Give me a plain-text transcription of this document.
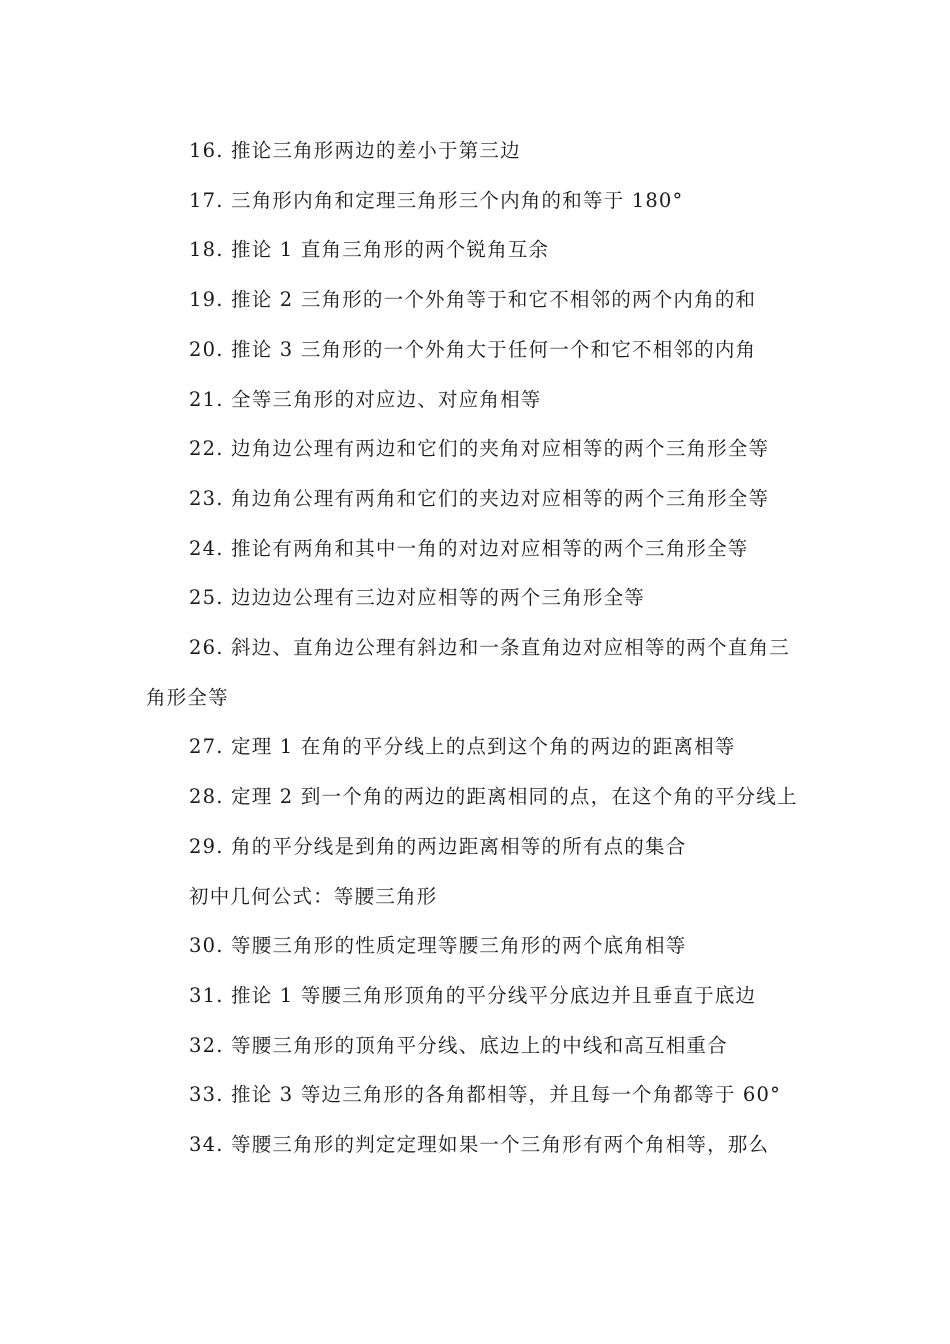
16. 推论三角形两边的差小于第三边

17. 三角形内角和定理三角形三个内角的和等于 180°

18. 推论 1 直角三角形的两个锐角互余

19. 推论 2 三角形的一个外角等于和它不相邻的两个内角的和

20. 推论 3 三角形的一个外角大于任何一个和它不相邻的内角

21. 全等三角形的对应边、对应角相等

22. 边角边公理有两边和它们的夹角对应相等的两个三角形全等

23. 角边角公理有两角和它们的夹边对应相等的两个三角形全等

24. 推论有两角和其中一角的对边对应相等的两个三角形全等

25. 边边边公理有三边对应相等的两个三角形全等

26. 斜边、直角边公理有斜边和一条直角边对应相等的两个直角三角形全等

27. 定理 1 在角的平分线上的点到这个角的两边的距离相等

28. 定理 2 到一个角的两边的距离相同的点，在这个角的平分线上

29. 角的平分线是到角的两边距离相等的所有点的集合

初中几何公式：等腰三角形

30. 等腰三角形的性质定理等腰三角形的两个底角相等

31. 推论 1 等腰三角形顶角的平分线平分底边并且垂直于底边

32. 等腰三角形的顶角平分线、底边上的中线和高互相重合

33. 推论 3 等边三角形的各角都相等，并且每一个角都等于 60°

34. 等腰三角形的判定定理如果一个三角形有两个角相等，那么
